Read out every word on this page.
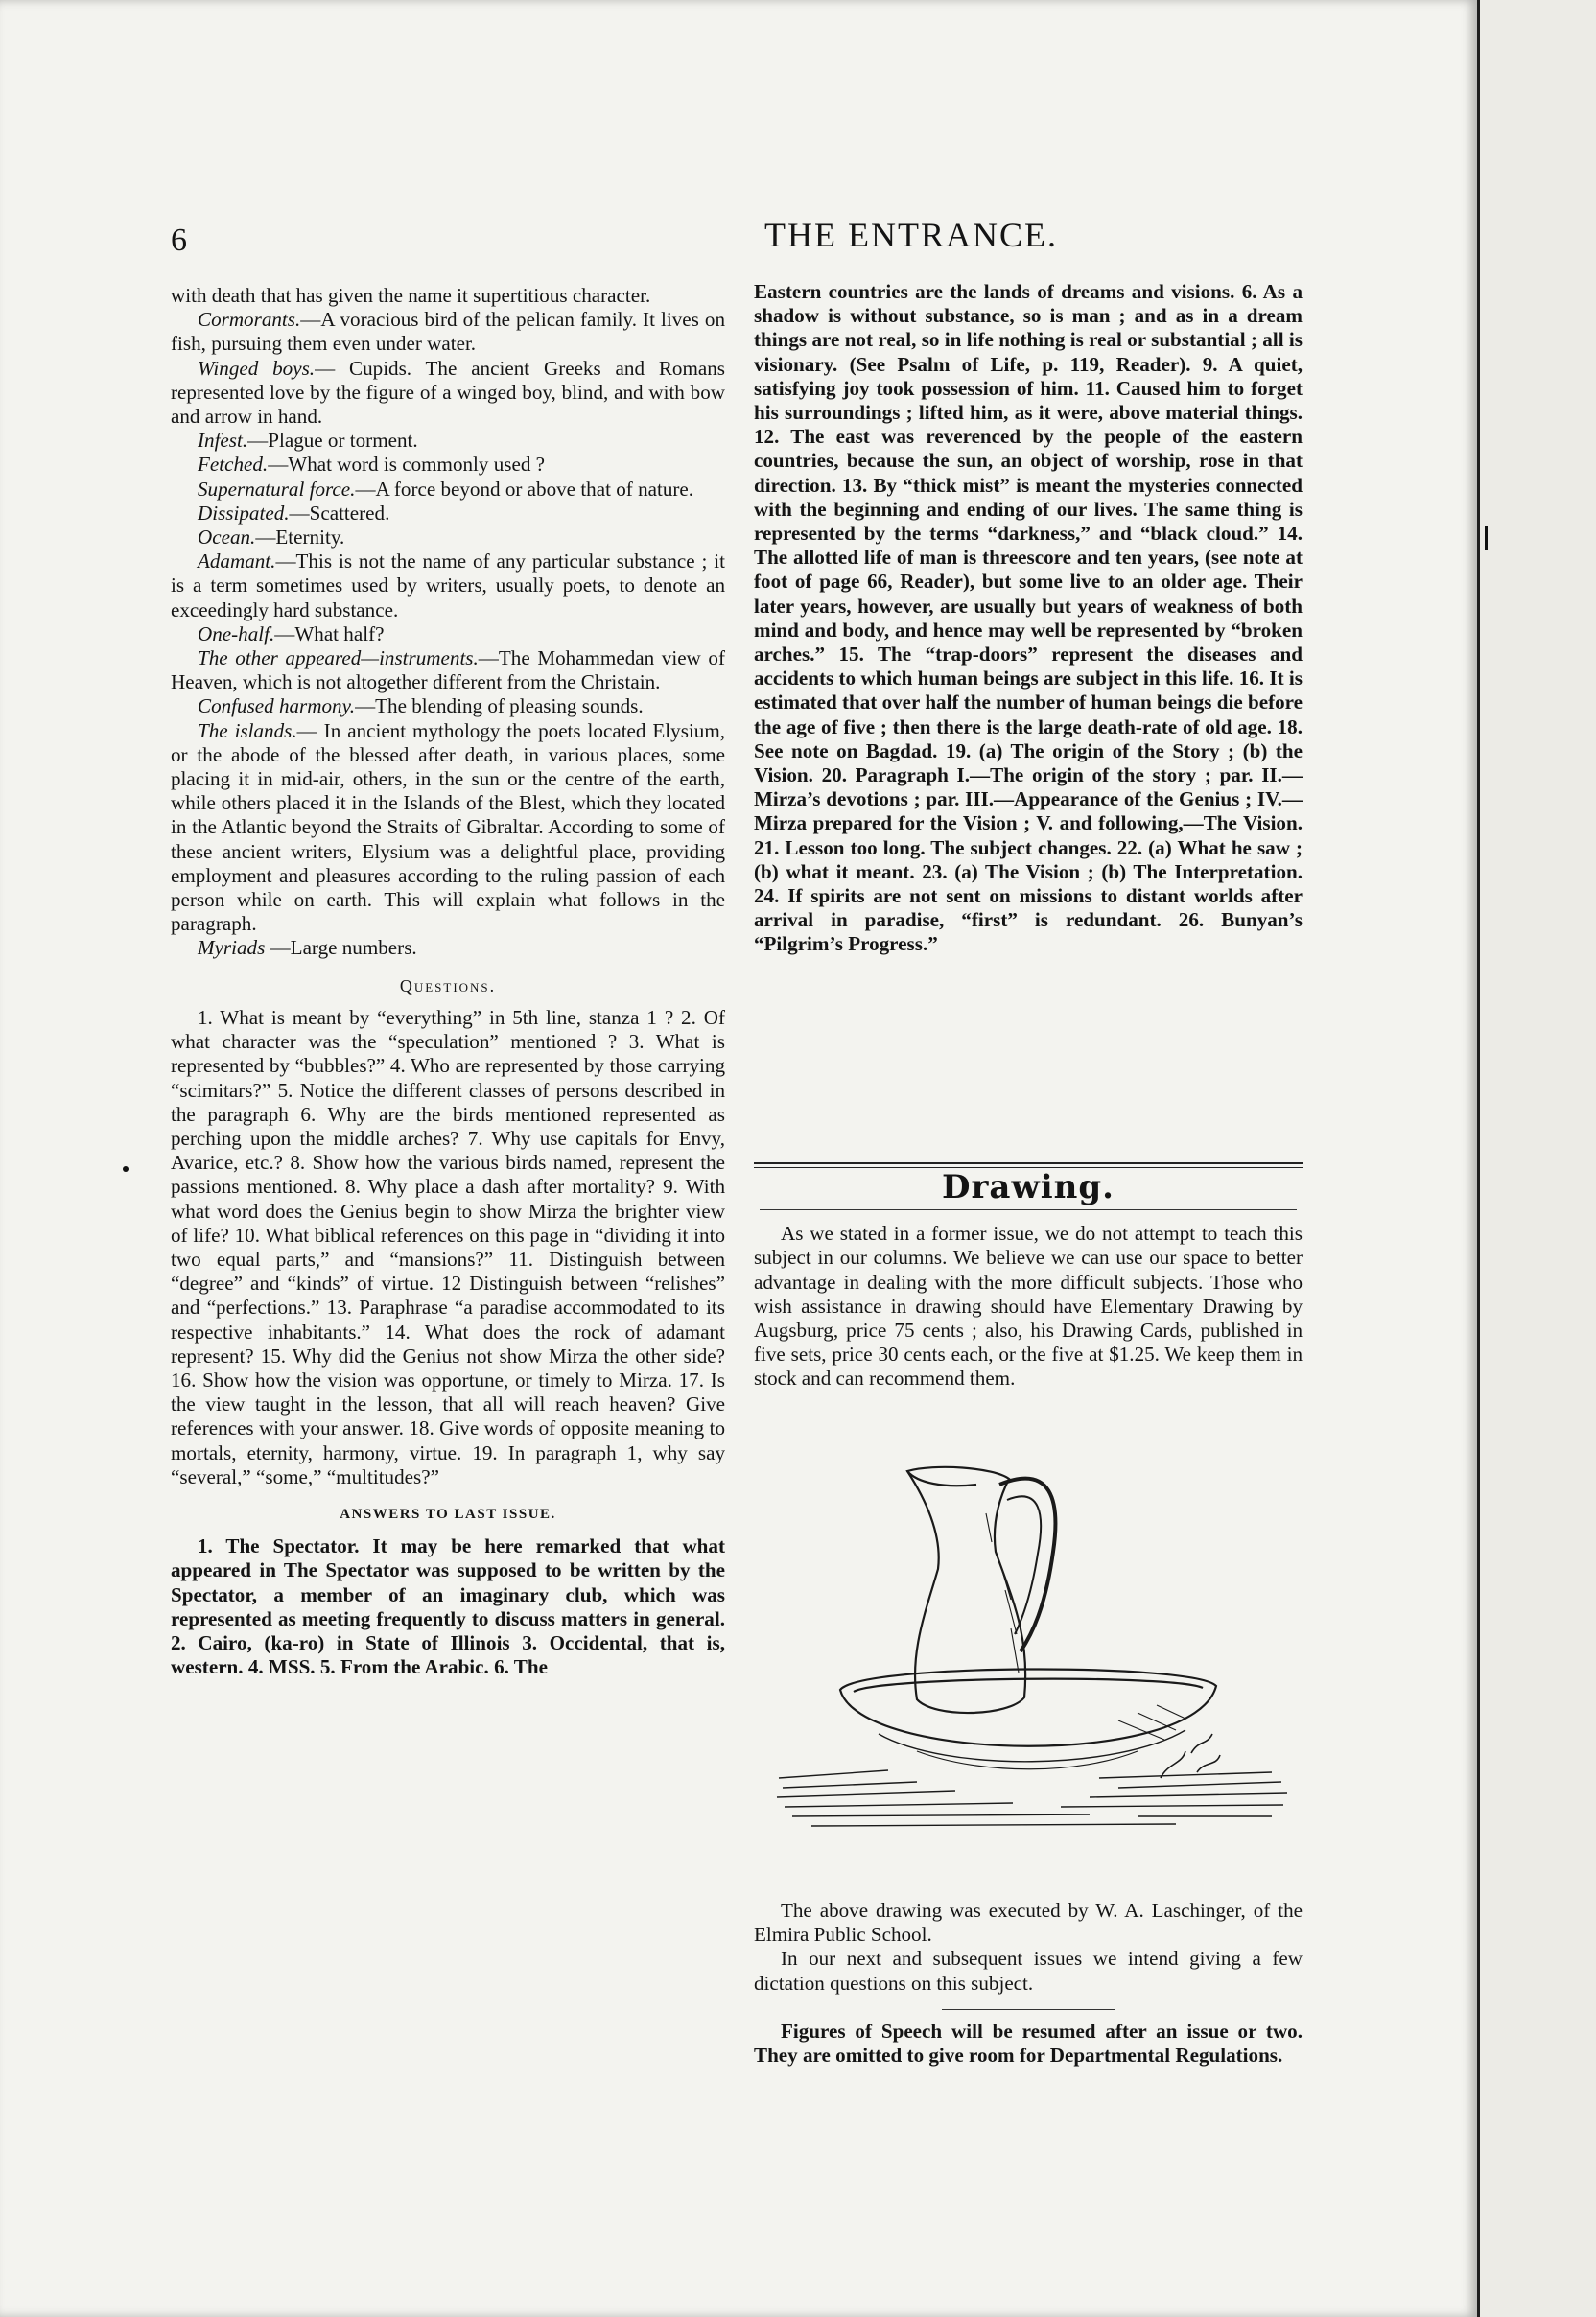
6	THE ENTRANCE.

with death that has given the name it supertitious character.

Cormorants.—A voracious bird of the pelican family. It lives on fish, pursuing them even under water.

Winged boys.— Cupids. The ancient Greeks and Romans represented love by the figure of a winged boy, blind, and with bow and arrow in hand.

Infest.—Plague or torment.

Fetched.—What word is commonly used ?

Supernatural force.—A force beyond or above that of nature.

Dissipated.—Scattered.

Ocean.—Eternity.

Adamant.—This is not the name of any particular substance ; it is a term sometimes used by writers, usually poets, to denote an exceedingly hard substance.

One-half.—What half?

The other appeared—instruments.—The Mohammedan view of Heaven, which is not altogether different from the Christain.

Confused harmony.—The blending of pleasing sounds.

The islands.— In ancient mythology the poets located Elysium, or the abode of the blessed after death, in various places, some placing it in mid-air, others, in the sun or the centre of the earth, while others placed it in the Islands of the Blest, which they located in the Atlantic beyond the Straits of Gibraltar. According to some of these ancient writers, Elysium was a delightful place, providing employment and pleasures according to the ruling passion of each person while on earth. This will explain what follows in the paragraph.

Myriads —Large numbers.

Questions.

1. What is meant by “everything” in 5th line, stanza 1 ? 2. Of what character was the “speculation” mentioned ? 3. What is represented by “bubbles?” 4. Who are represented by those carrying “scimitars?” 5. Notice the different classes of persons described in the paragraph 6. Why are the birds mentioned represented as perching upon the middle arches? 7. Why use capitals for Envy, Avarice, etc.? 8. Show how the various birds named, represent the passions mentioned. 8. Why place a dash after mortality? 9. With what word does the Genius begin to show Mirza the brighter view of life? 10. What biblical references on this page in “dividing it into two equal parts,” and “mansions?” 11. Distinguish between “degree” and “kinds” of virtue. 12 Distinguish between “relishes” and “perfections.” 13. Paraphrase “a paradise accommodated to its respective inhabitants.” 14. What does the rock of adamant represent? 15. Why did the Genius not show Mirza the other side? 16. Show how the vision was opportune, or timely to Mirza. 17. Is the view taught in the lesson, that all will reach heaven? Give references with your answer. 18. Give words of opposite meaning to mortals, eternity, harmony, virtue. 19. In paragraph 1, why say “several,” “some,” “multitudes?”

ANSWERS TO LAST ISSUE.

1. The Spectator. It may be here remarked that what appeared in The Spectator was supposed to be written by the Spectator, a member of an imaginary club, which was represented as meeting frequently to discuss matters in general. 2. Cairo, (ka-ro) in State of Illinois 3. Occidental, that is, western. 4. MSS. 5. From the Arabic. 6. The

Eastern countries are the lands of dreams and visions. 6. As a shadow is without substance, so is man ; and as in a dream things are not real, so in life nothing is real or substantial ; all is visionary. (See Psalm of Life, p. 119, Reader). 9. A quiet, satisfying joy took possession of him. 11. Caused him to forget his surroundings ; lifted him, as it were, above material things. 12. The east was reverenced by the people of the eastern countries, because the sun, an object of worship, rose in that direction. 13. By “thick mist” is meant the mysteries connected with the beginning and ending of our lives. The same thing is represented by the terms “darkness,” and “black cloud.” 14. The allotted life of man is threescore and ten years, (see note at foot of page 66, Reader), but some live to an older age. Their later years, however, are usually but years of weakness of both mind and body, and hence may well be represented by “broken arches.” 15. The “trap-doors” represent the diseases and accidents to which human beings are subject in this life. 16. It is estimated that over half the number of human beings die before the age of five ; then there is the large death-rate of old age. 18. See note on Bagdad. 19. (a) The origin of the Story ; (b) the Vision. 20. Paragraph I.—The origin of the story ; par. II.—Mirza’s devotions ; par. III.—Appearance of the Genius ; IV.—Mirza prepared for the Vision ; V. and following,—The Vision. 21. Lesson too long. The subject changes. 22. (a) What he saw ; (b) what it meant. 23. (a) The Vision ; (b) The Interpretation. 24. If spirits are not sent on missions to distant worlds after arrival in paradise, “first” is redundant. 26. Bunyan’s “Pilgrim’s Progress.”

Drawing.

As we stated in a former issue, we do not attempt to teach this subject in our columns. We believe we can use our space to better advantage in dealing with the more difficult subjects. Those who wish assistance in drawing should have Elementary Drawing by Augsburg, price 75 cents ; also, his Drawing Cards, published in five sets, price 30 cents each, or the five at $1.25. We keep them in stock and can recommend them.

The above drawing was executed by W. A. Laschinger, of the Elmira Public School.

In our next and subsequent issues we intend giving a few dictation questions on this subject.

Figures of Speech will be resumed after an issue or two. They are omitted to give room for Departmental Regulations.
